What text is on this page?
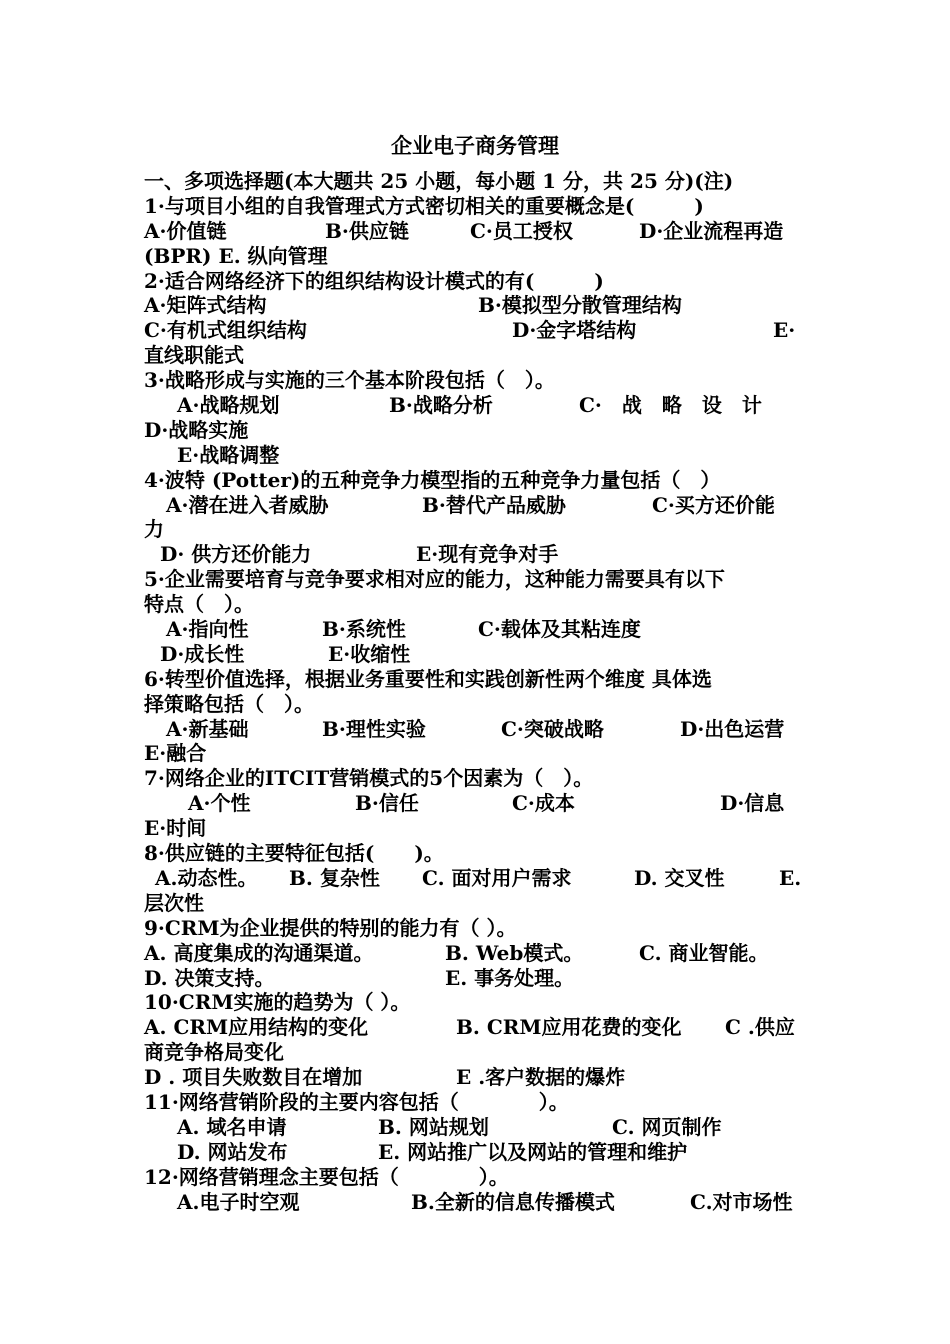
企业电子商务管理
一、多项选择题(本大题共 25 小题，每小题 1 分，共 25 分)(注)
1·与项目小组的自我管理式方式密切相关的重要概念是(　　　)
A·价值链	B·供应链	C·员工授权	D·企业流程再造
(BPR) E. 纵向管理
2·适合网络经济下的组织结构设计模式的有(　　　)
A·矩阵式结构	B·模拟型分散管理结构
C·有机式组织结构	D·金字塔结构	E·
直线职能式
3·战略形成与实施的三个基本阶段包括（　）。
A·战略规划	B·战略分析	C·　战　略　设　计
D·战略实施
E·战略调整
4·波特 (Potter)的五种竞争力模型指的五种竞争力量包括（　）
A·潜在进入者威胁	B·替代产品威胁	C·买方还价能
力
D· 供方还价能力	E·现有竞争对手
5·企业需要培育与竞争要求相对应的能力，这种能力需要具有以下
特点（　）。
A·指向性	B·系统性	C·载体及其粘连度
D·成长性	E·收缩性
6·转型价值选择，根据业务重要性和实践创新性两个维度 具体选
择策略包括（　）。
A·新基础	B·理性实验	C·突破战略	D·出色运营
E·融合
7·网络企业的ITCIT营销模式的5个因素为（　）。
A·个性	B·信任	C·成本	D·信息
E·时间
8·供应链的主要特征包括(　　)。
A.动态性。 B. 复杂性 C. 面对用户需求	D. 交叉性	E.
层次性
9·CRM为企业提供的特别的能力有（ ）。
A. 高度集成的沟通渠道。	B. Web模式。	C. 商业智能。
D. 决策支持。	E. 事务处理。
10·CRM实施的趋势为（ ）。
A. CRM应用结构的变化	B. CRM应用花费的变化 C .供应
商竞争格局变化
D . 项目失败数目在增加	E .客户数据的爆炸
11·网络营销阶段的主要内容包括（　　　　）。
A. 域名申请	B. 网站规划	C. 网页制作
D. 网站发布	E. 网站推广以及网站的管理和维护
12·网络营销理念主要包括（　　　　）。
A.电子时空观	B.全新的信息传播模式	C.对市场性
